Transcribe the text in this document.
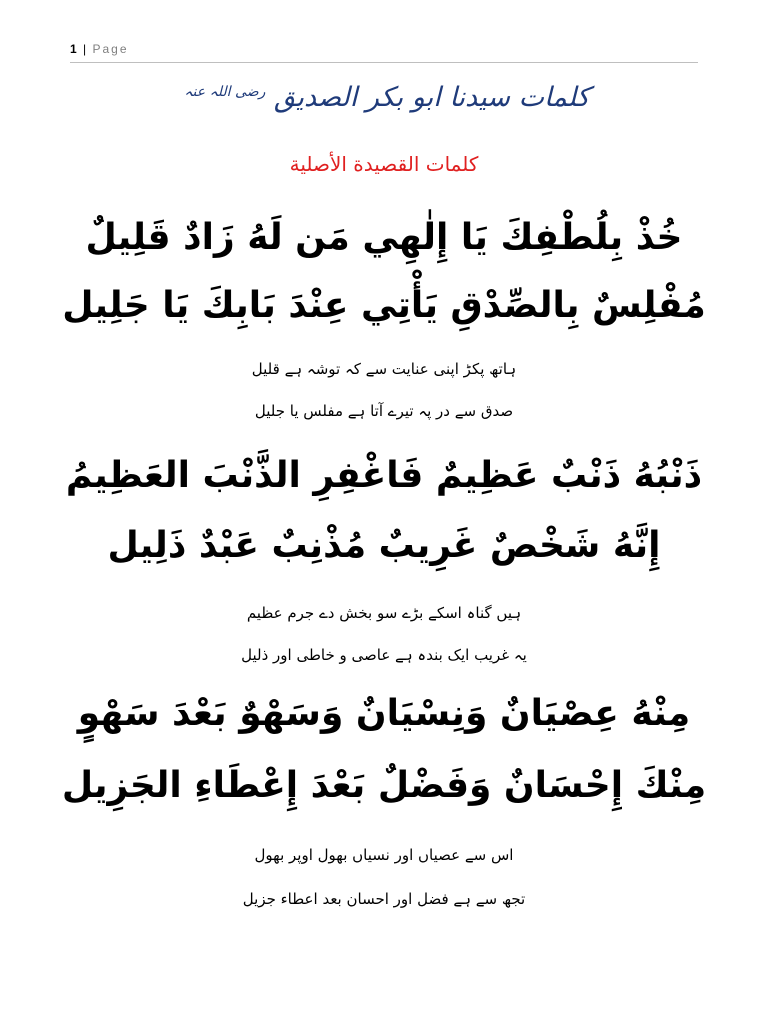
1 | Page
كلمات سيدنا ابو بكر الصديق $^{رضی اللہ عنہ}$
كلمات القصيدة الأصلية
خُذْ بِلُطْفِكَ يَا إِلٰهِي مَن لَهُ زَادٌ قَلِيلٌ
مُفْلِسٌ بِالصِّدْقِ يَأْتِي عِنْدَ بَابِكَ يَا جَلِيل
ہاتھ پکڑ اپنی عنایت سے کہ توشہ ہے قلیل
صدق سے در پہ تیرے آتا ہے مفلس یا جلیل
ذَنْبُهُ ذَنْبٌ عَظِيمٌ فَاغْفِرِ الذَّنْبَ العَظِيمُ
إِنَّهُ شَخْصٌ غَرِيبٌ مُذْنِبٌ عَبْدٌ ذَلِيل
ہیں گناہ اسکے بڑے سو بخش دے جرم عظیم
یہ غریب ایک بندہ ہے عاصی و خاطی اور ذلیل
مِنْهُ عِصْيَانٌ وَنِسْيَانٌ وَسَهْوٌ بَعْدَ سَهْوٍ
مِنْكَ إِحْسَانٌ وَفَضْلٌ بَعْدَ إِعْطَاءِ الجَزِيل
اس سے عصیاں اور نسیاں بھول اوپر بھول
تجھ سے ہے فضل اور احسان بعد اعطاء جزیل
